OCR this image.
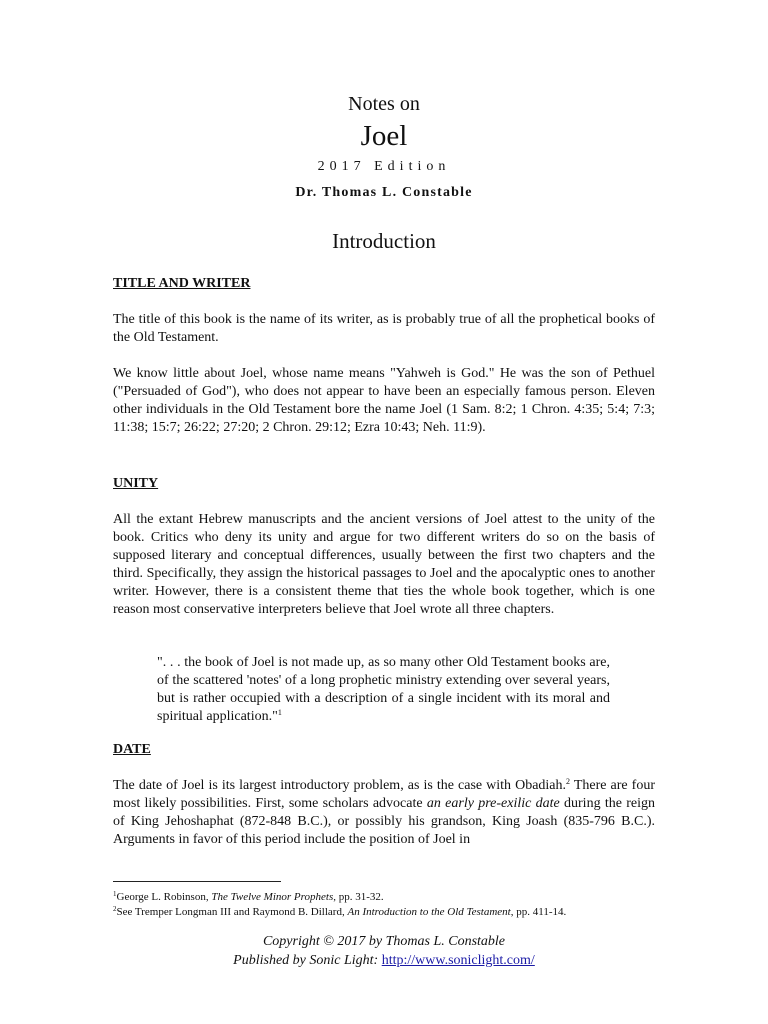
Notes on
Joel
2017 Edition
Dr. Thomas L. Constable
Introduction
TITLE AND WRITER

The title of this book is the name of its writer, as is probably true of all the prophetical books of the Old Testament.

We know little about Joel, whose name means "Yahweh is God." He was the son of Pethuel ("Persuaded of God"), who does not appear to have been an especially famous person. Eleven other individuals in the Old Testament bore the name Joel (1 Sam. 8:2; 1 Chron. 4:35; 5:4; 7:3; 11:38; 15:7; 26:22; 27:20; 2 Chron. 29:12; Ezra 10:43; Neh. 11:9).

UNITY

All the extant Hebrew manuscripts and the ancient versions of Joel attest to the unity of the book. Critics who deny its unity and argue for two different writers do so on the basis of supposed literary and conceptual differences, usually between the first two chapters and the third. Specifically, they assign the historical passages to Joel and the apocalyptic ones to another writer. However, there is a consistent theme that ties the whole book together, which is one reason most conservative interpreters believe that Joel wrote all three chapters.

". . . the book of Joel is not made up, as so many other Old Testament books are, of the scattered 'notes' of a long prophetic ministry extending over several years, but is rather occupied with a description of a single incident with its moral and spiritual application."$^1$
DATE

The date of Joel is its largest introductory problem, as is the case with Obadiah.$^2$ There are four most likely possibilities. First, some scholars advocate an early pre-exilic date during the reign of King Jehoshaphat (872-848 B.C.), or possibly his grandson, King Joash (835-796 B.C.). Arguments in favor of this period include the position of Joel in

$^1$George L. Robinson, The Twelve Minor Prophets, pp. 31-32.
$^2$See Tremper Longman III and Raymond B. Dillard, An Introduction to the Old Testament, pp. 411-14.
Copyright © 2017 by Thomas L. Constable
Published by Sonic Light: http://www.soniclight.com/
